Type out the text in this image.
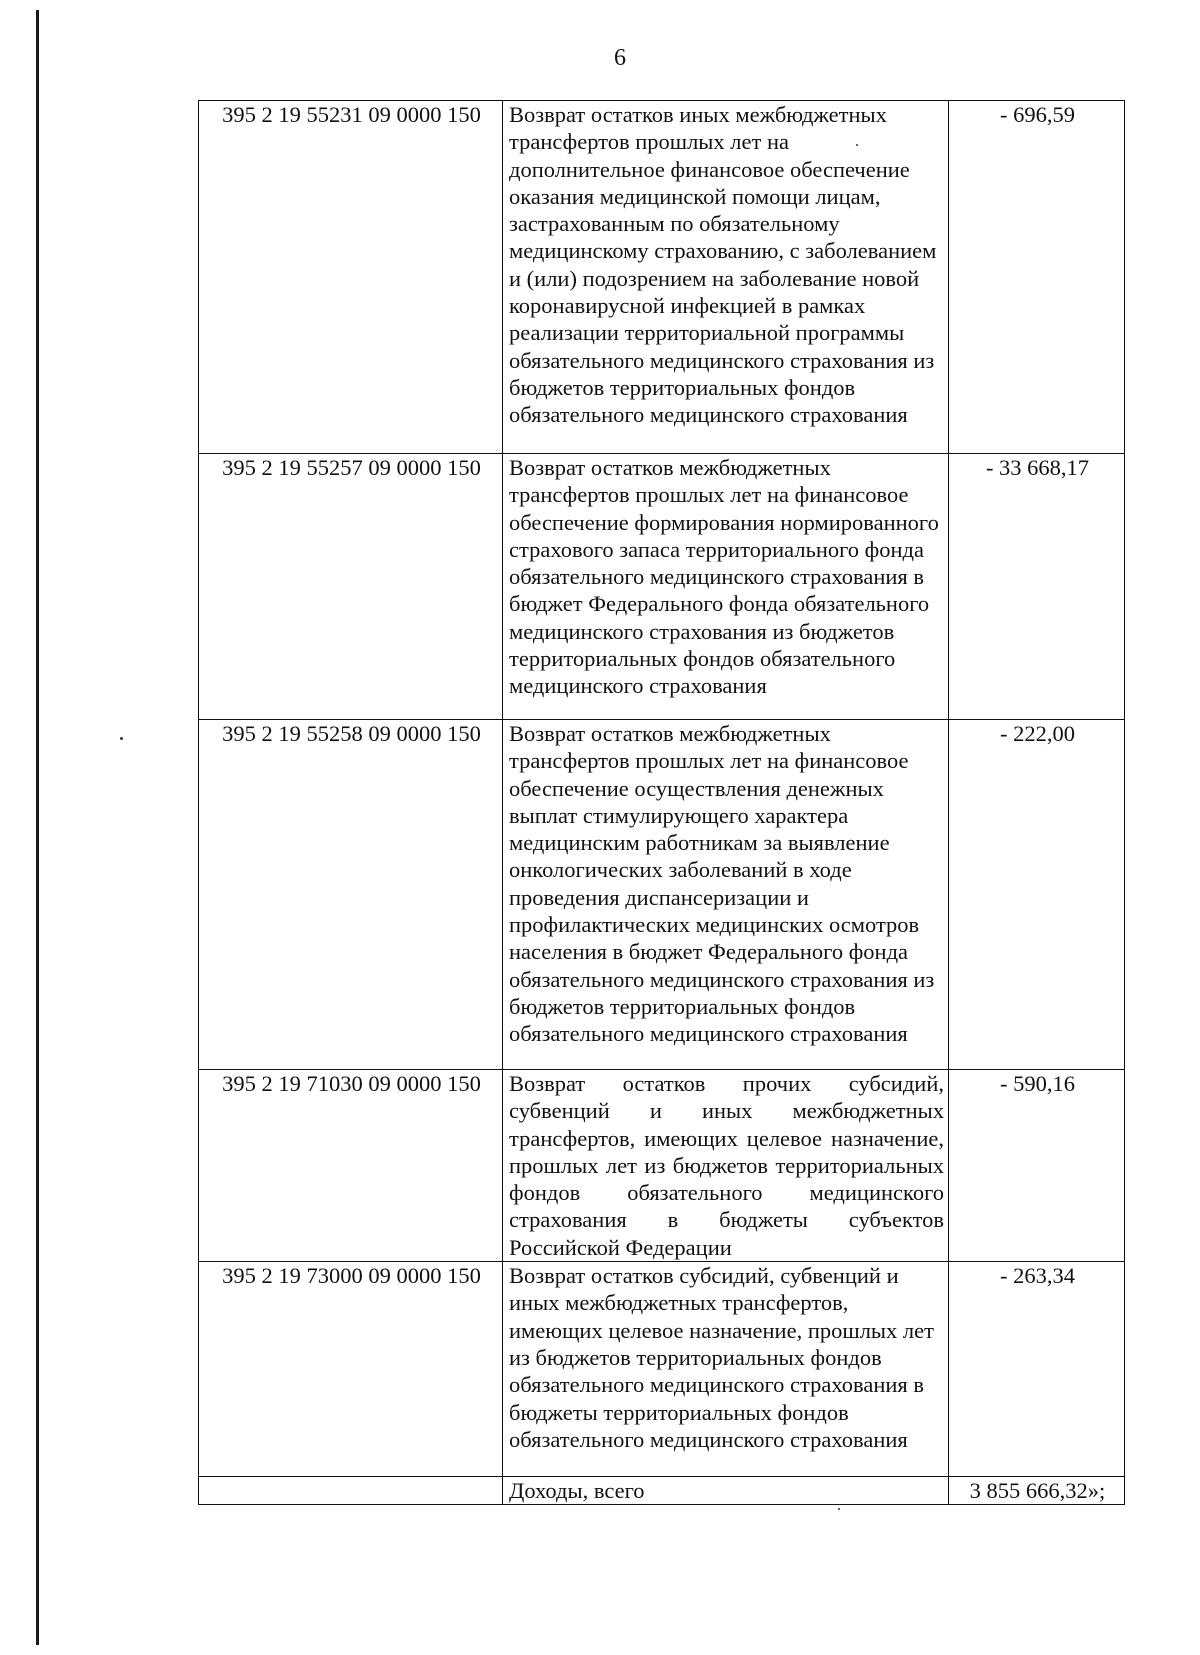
6
395 2 19 55231 09 0000 150	Возврат остатков иных межбюджетных трансфертов прошлых лет на дополнительное финансовое обеспечение оказания медицинской помощи лицам, застрахованным по обязательному медицинскому страхованию, с заболеванием и (или) подозрением на заболевание новой коронавирусной инфекцией в рамках реализации территориальной программы обязательного медицинского страхования из бюджетов территориальных фондов обязательного медицинского страхования	- 696,59
395 2 19 55257 09 0000 150	Возврат остатков межбюджетных трансфертов прошлых лет на финансовое обеспечение формирования нормированного страхового запаса территориального фонда обязательного медицинского страхования в бюджет Федерального фонда обязательного медицинского страхования из бюджетов территориальных фондов обязательного медицинского страхования	- 33 668,17
395 2 19 55258 09 0000 150	Возврат остатков межбюджетных трансфертов прошлых лет на финансовое обеспечение осуществления денежных выплат стимулирующего характера медицинским работникам за выявление онкологических заболеваний в ходе проведения диспансеризации и профилактических медицинских осмотров населения в бюджет Федерального фонда обязательного медицинского страхования из бюджетов территориальных фондов обязательного медицинского страхования	- 222,00
395 2 19 71030 09 0000 150	Возврат остатков прочих субсидий, субвенций и иных межбюджетных трансфертов, имеющих целевое назначение, прошлых лет из бюджетов территориальных фондов обязательного медицинского страхования в бюджеты субъектов Российской Федерации	- 590,16
395 2 19 73000 09 0000 150	Возврат остатков субсидий, субвенций и иных межбюджетных трансфертов, имеющих целевое назначение, прошлых лет из бюджетов территориальных фондов обязательного медицинского страхования в бюджеты территориальных фондов обязательного медицинского страхования	- 263,34
	Доходы, всего	3 855 666,32»;
